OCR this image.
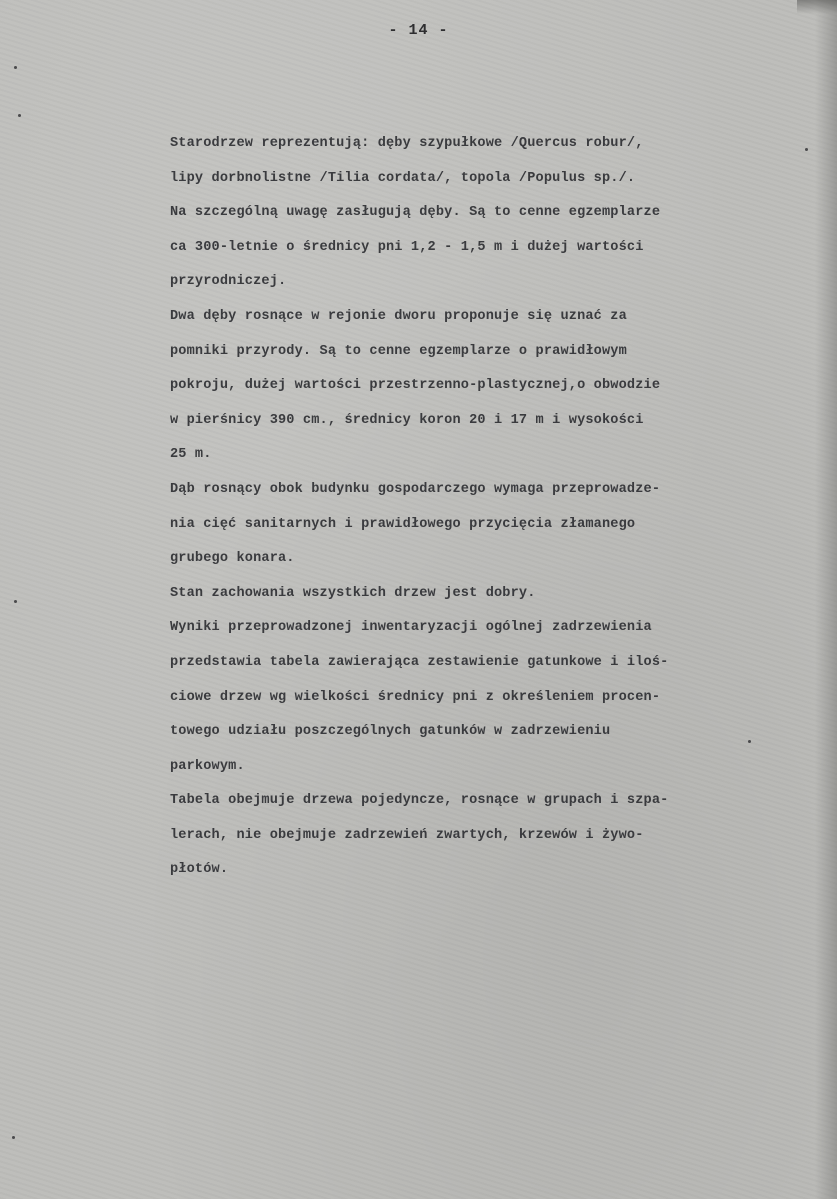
- 14 -
Starodrzew reprezentują: dęby szypułkowe /Quercus robur/,
lipy dorbnolistne /Tilia cordata/, topola /Populus sp./.
Na szczególną uwagę zasługują dęby. Są to cenne egzemplarze
ca 300-letnie o średnicy pni 1,2 - 1,5 m i dużej wartości
przyrodniczej.
Dwa dęby rosnące w rejonie dworu proponuje się uznać za
pomniki przyrody. Są to cenne egzemplarze o prawidłowym
pokroju, dużej wartości przestrzenno-plastycznej,o obwodzie
w pierśnicy 390 cm., średnicy koron 20 i 17 m i wysokości
25 m.
Dąb rosnący obok budynku gospodarczego wymaga przeprowadze-
nia cięć sanitarnych i prawidłowego przycięcia złamanego
grubego konara.
Stan zachowania wszystkich drzew jest dobry.
Wyniki przeprowadzonej inwentaryzacji ogólnej zadrzewienia
przedstawia tabela zawierająca zestawienie gatunkowe i iloś-
ciowe drzew wg wielkości średnicy pni z określeniem procen-
towego udziału poszczególnych gatunków w zadrzewieniu
parkowym.
Tabela obejmuje drzewa pojedyncze, rosnące w grupach i szpa-
lerach, nie obejmuje zadrzewień zwartych, krzewów i żywo-
płotów.
